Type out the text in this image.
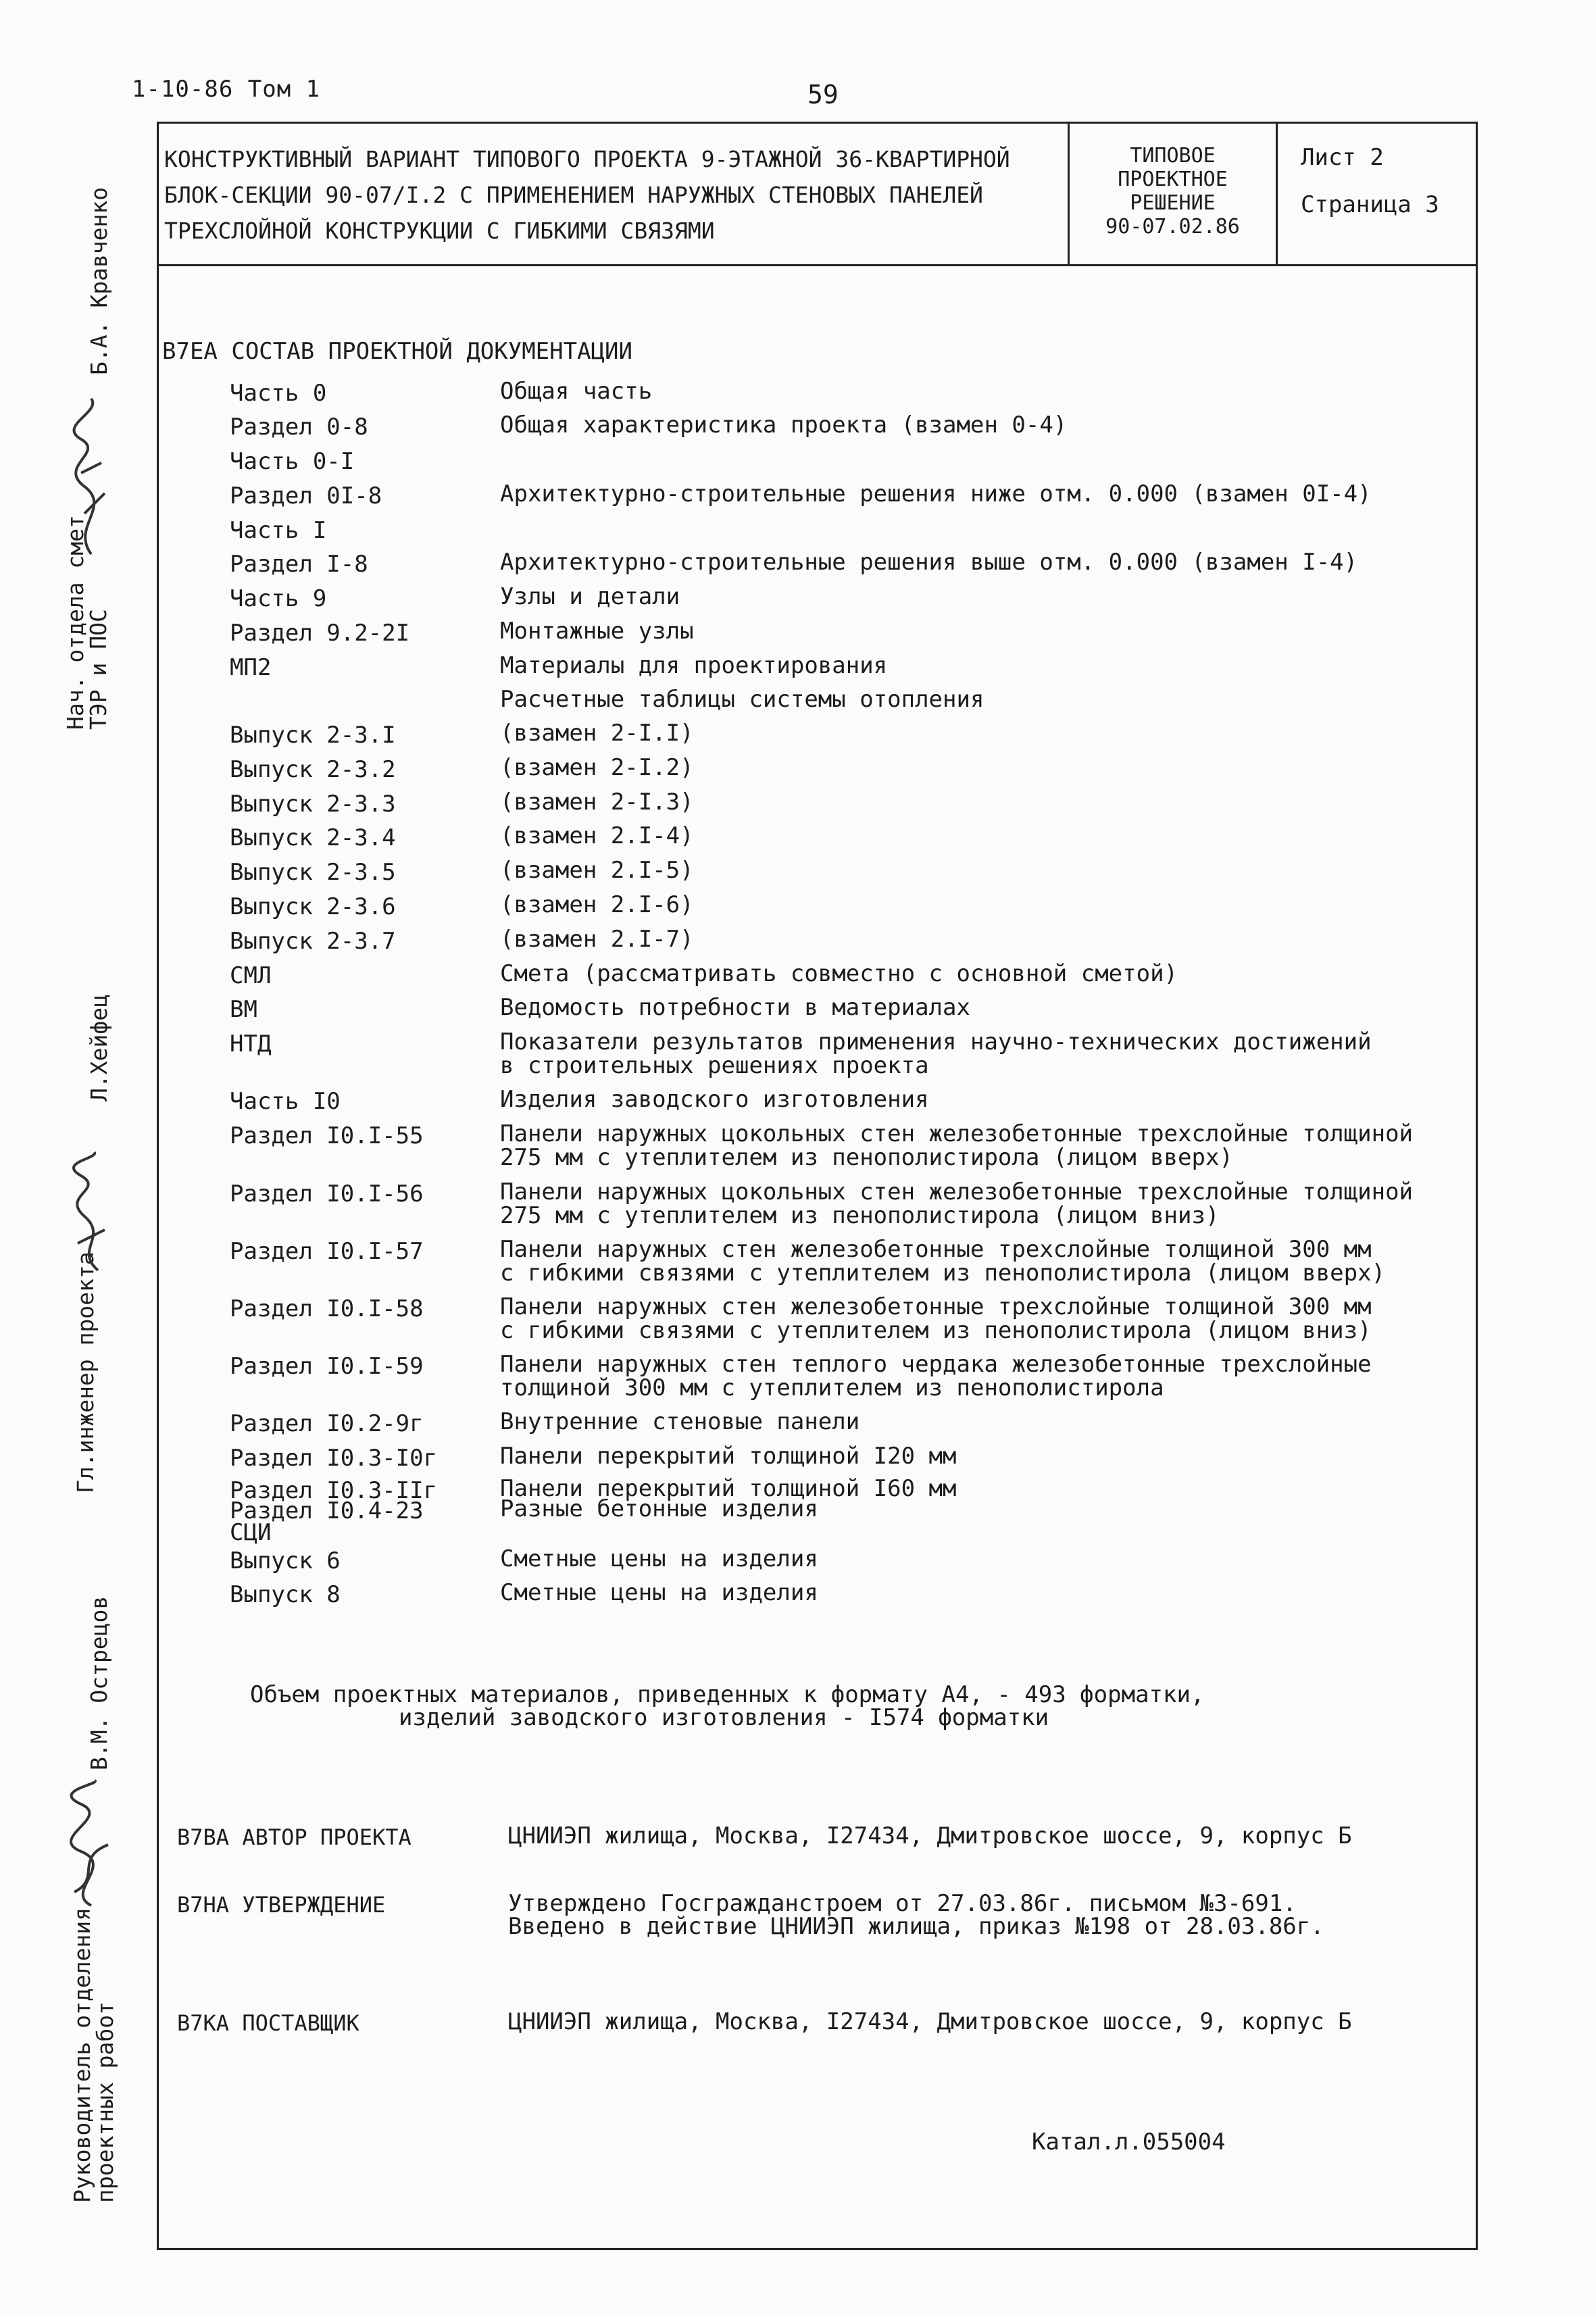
1-10-86 Том 1	59
КОНСТРУКТИВНЫЙ ВАРИАНТ ТИПОВОГО ПРОЕКТА 9-ЭТАЖНОЙ 36-КВАРТИРНОЙ
БЛОК-СЕКЦИИ 90-07/I.2 С ПРИМЕНЕНИЕМ НАРУЖНЫХ СТЕНОВЫХ ПАНЕЛЕЙ
ТРЕХСЛОЙНОЙ КОНСТРУКЦИИ С ГИБКИМИ СВЯЗЯМИ
ТИПОВОЕ
ПРОЕКТНОЕ
РЕШЕНИЕ
90-07.02.86
Лист 2
Страница 3
В7ЕА СОСТАВ ПРОЕКТНОЙ ДОКУМЕНТАЦИИ
Часть 0	Общая часть
Раздел 0-8	Общая характеристика проекта (взамен 0-4)
Часть 0-I
Раздел 0I-8	Архитектурно-строительные решения ниже отм. 0.000 (взамен 0I-4)
Часть I
Раздел I-8	Архитектурно-строительные решения выше отм. 0.000 (взамен I-4)
Часть 9	Узлы и детали
Раздел 9.2-2I	Монтажные узлы
МП2	Материалы для проектирования
Расчетные таблицы системы отопления
Выпуск 2-3.I	(взамен 2-I.I)
Выпуск 2-3.2	(взамен 2-I.2)
Выпуск 2-3.3	(взамен 2-I.3)
Выпуск 2-3.4	(взамен 2.I-4)
Выпуск 2-3.5	(взамен 2.I-5)
Выпуск 2-3.6	(взамен 2.I-6)
Выпуск 2-3.7	(взамен 2.I-7)
СМЛ	Смета (рассматривать совместно с основной сметой)
ВМ	Ведомость потребности в материалах
НТД	Показатели результатов применения научно-технических достижений
в строительных решениях проекта
Часть I0	Изделия заводского изготовления
Раздел I0.I-55	Панели наружных цокольных стен железобетонные трехслойные толщиной
275 мм с утеплителем из пенополистирола (лицом вверх)
Раздел I0.I-56	Панели наружных цокольных стен железобетонные трехслойные толщиной
275 мм с утеплителем из пенополистирола (лицом вниз)
Раздел I0.I-57	Панели наружных стен железобетонные трехслойные толщиной 300 мм
с гибкими связями с утеплителем из пенополистирола (лицом вверх)
Раздел I0.I-58	Панели наружных стен железобетонные трехслойные толщиной 300 мм
с гибкими связями с утеплителем из пенополистирола (лицом вниз)
Раздел I0.I-59	Панели наружных стен теплого чердака железобетонные трехслойные
толщиной 300 мм с утеплителем из пенополистирола
Раздел I0.2-9г	Внутренние стеновые панели
Раздел I0.3-I0г	Панели перекрытий толщиной I20 мм
Раздел I0.3-IIг	Панели перекрытий толщиной I60 мм
Раздел I0.4-23	Разные бетонные изделия
СЦИ
Выпуск 6	Сметные цены на изделия
Выпуск 8	Сметные цены на изделия
Объем проектных материалов, приведенных к формату А4, - 493 форматки,
изделий заводского изготовления - I574 форматки
В7ВА АВТОР ПРОЕКТА	ЦНИИЭП жилища, Москва, I27434, Дмитровское шоссе, 9, корпус Б
В7НА УТВЕРЖДЕНИЕ	Утверждено Госгражданстроем от 27.03.86г. письмом №3-691.
Введено в действие ЦНИИЭП жилища, приказ №198 от 28.03.86г.
В7КА ПОСТАВЩИК	ЦНИИЭП жилища, Москва, I27434, Дмитровское шоссе, 9, корпус Б
Катал.л.055004
Б.А. Кравченко
Нач. отдела смет
ТЭР и ПОС
Л.Хейфец
Гл.инженер проекта
В.М. Острецов
Руководитель отделения
проектных работ
